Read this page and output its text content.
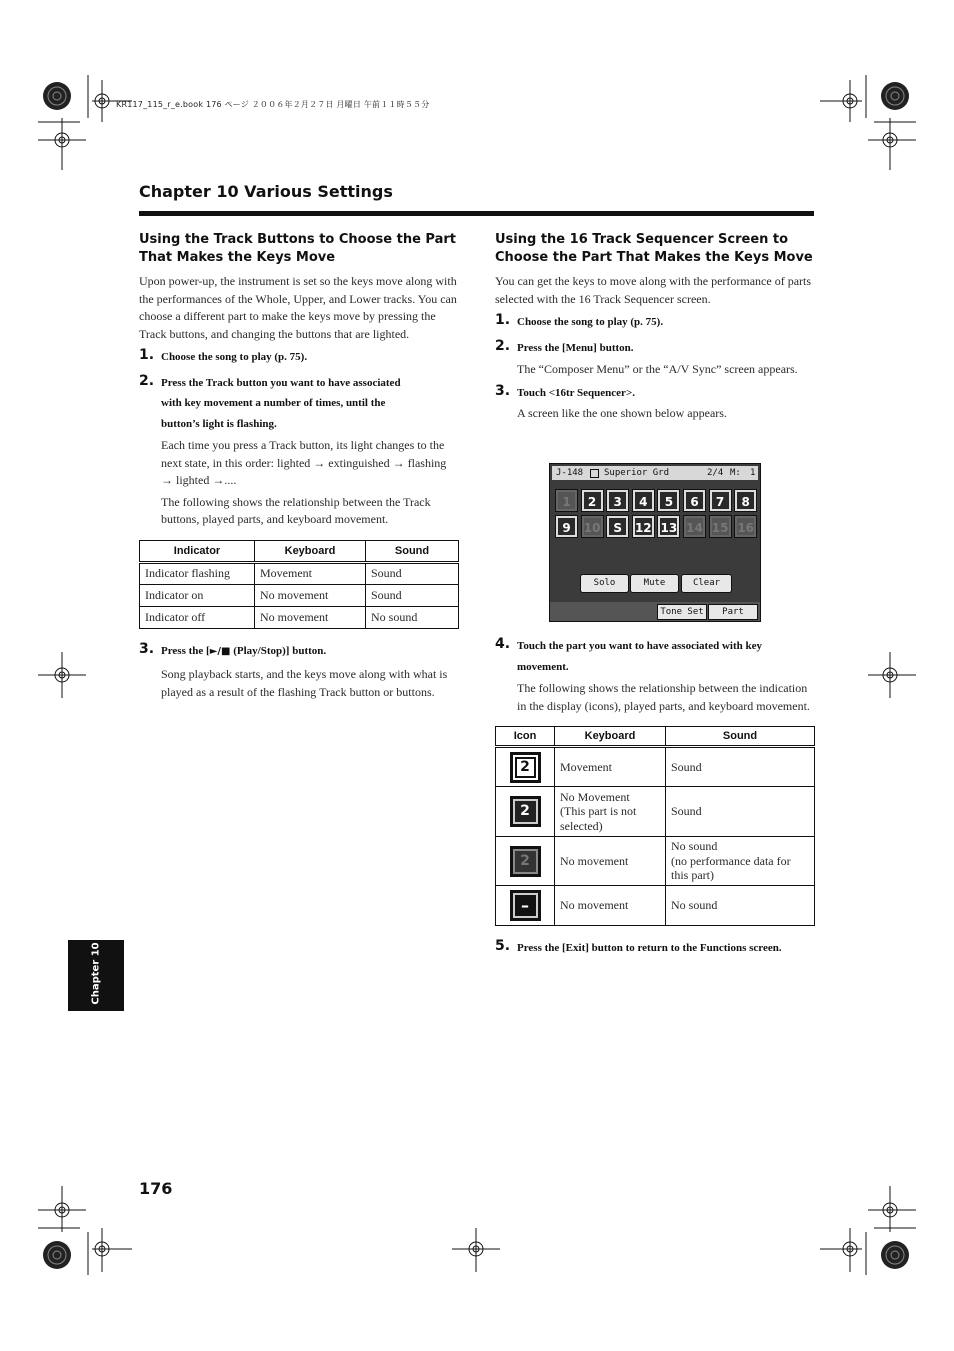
KR117_115_r_e.book 176 ページ ２００６年２月２７日 月曜日 午前１１時５５分
Chapter 10 Various Settings
Using the Track Buttons to Choose the Part
That Makes the Keys Move
Upon power-up, the instrument is set so the keys move along with the performances of the Whole, Upper, and Lower tracks. You can choose a different part to make the keys move by pressing the Track buttons, and changing the buttons that are lighted.
1. Choose the song to play (p. 75).
2. Press the Track button you want to have associated
with key movement a number of times, until the
button’s light is flashing.
Each time you press a Track button, its light changes to the next state, in this order: lighted → extinguished → flashing → lighted →....
The following shows the relationship between the Track buttons, played parts, and keyboard movement.
Indicator	Keyboard	Sound
Indicator flashing	Movement	Sound
Indicator on	No movement	Sound
Indicator off	No movement	No sound
3. Press the [►/■ (Play/Stop)] button.
Song playback starts, and the keys move along with what is played as a result of the flashing Track button or buttons.
Using the 16 Track Sequencer Screen to
Choose the Part That Makes the Keys Move
You can get the keys to move along with the performance of parts selected with the 16 Track Sequencer screen.
1. Choose the song to play (p. 75).
2. Press the [Menu] button.
The “Composer Menu” or the “A/V Sync” screen appears.
3. Touch <16tr Sequencer>.
A screen like the one shown below appears.
J-148 Superior Grd	2/4 M: 1
1	2	3	4	5	6	7	8
9	10	S	12 13 14 15 16
Solo	Mute	Clear
Tone Set	Part
4. Touch the part you want to have associated with key
movement.
The following shows the relationship between the indication in the display (icons), played parts, and keyboard movement.
Icon	Keyboard	Sound

2	Movement	Sound

2	No Movement
(This part is not
selected)	Sound

2	No movement	No sound
(no performance data for
this part)

–	No movement	No sound
5. Press the [Exit] button to return to the Functions screen.
Chapter 10
176
